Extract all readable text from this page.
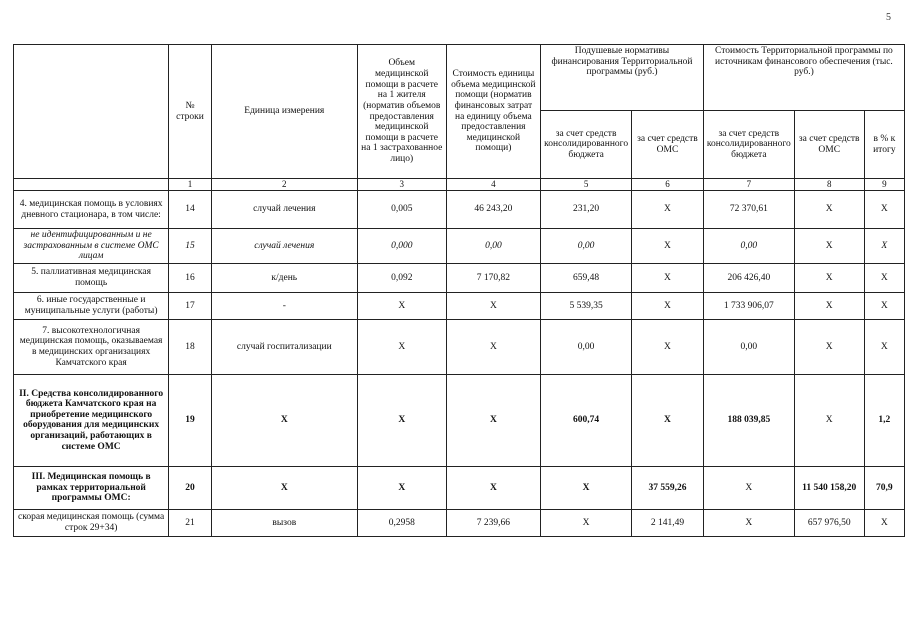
5
	№ строки	Единица измерения	Объем медицинской помощи в расчете на 1 жителя (норматив объемов предоставления медицинской помощи в расчете на 1 застрахованное лицо)	Стоимость единицы объема медицинской помощи (норматив финансовых затрат на единицу объема предоставления медицинской помощи)	Подушевые нормативы финансирования Территориальной программы (руб.)		Стоимость Территориальной программы по источникам финансового обеспечения (тыс. руб.)		
					за счет средств консолидированного бюджета	за счет средств ОМС	за счет средств консолидированного бюджета	за счет средств ОМС	в % к итогу
	1	2	3	4	5	6	7	8	9
4. медицинская помощь в условиях дневного стационара, в том числе:	14	случай лечения	0,005	46 243,20	231,20	Х	72 370,61	Х	Х
не идентифицированным и не застрахованным в системе ОМС лицам	15	случай лечения	0,000	0,00	0,00	Х	0,00	Х	Х
5. паллиативная медицинская помощь	16	к/день	0,092	7 170,82	659,48	Х	206 426,40	Х	Х
6. иные государственные и муниципальные услуги (работы)	17	-	Х	Х	5 539,35	Х	1 733 906,07	Х	Х
7. высокотехнологичная медицинская помощь, оказываемая в медицинских организациях Камчатского края	18	случай госпитализации	Х	Х	0,00	Х	0,00	Х	Х
II. Средства консолидированного бюджета Камчатского края на приобретение медицинского оборудования для медицинских организаций, работающих в системе ОМС	19	Х	Х	Х	600,74	Х	188 039,85	Х	1,2
III. Медицинская помощь в рамках территориальной программы ОМС:	20	Х	Х	Х	Х	37 559,26	Х	11 540 158,20	70,9
скорая медицинская помощь (сумма строк 29+34)	21	вызов	0,2958	7 239,66	Х	2 141,49	Х	657 976,50	Х
